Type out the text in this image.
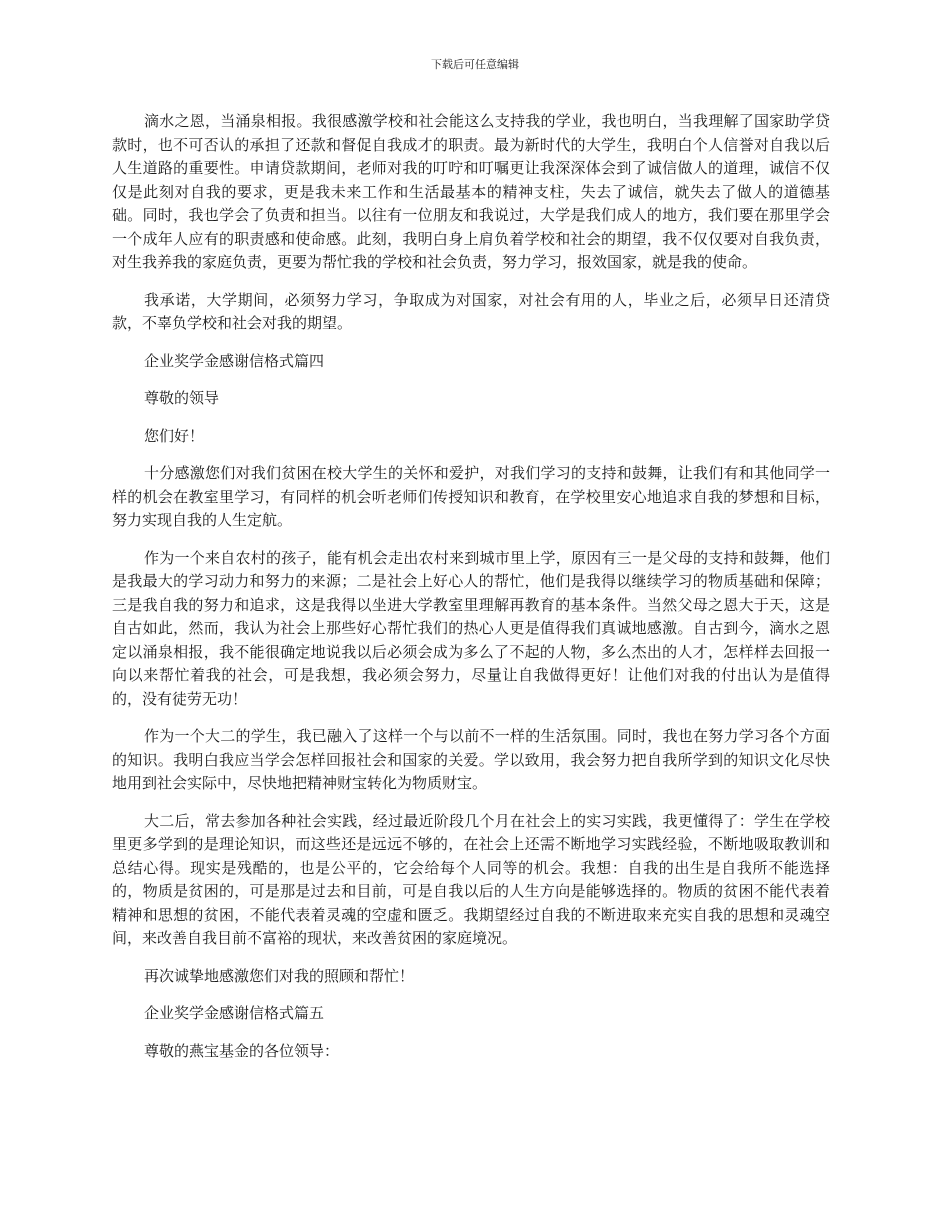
下载后可任意编辑

滴水之恩，当涌泉相报。我很感激学校和社会能这么支持我的学业，我也明白，当我理解了国家助学贷款时，也不可否认的承担了还款和督促自我成才的职责。最为新时代的大学生，我明白个人信誉对自我以后人生道路的重要性。申请贷款期间，老师对我的叮咛和叮嘱更让我深深体会到了诚信做人的道理，诚信不仅仅是此刻对自我的要求，更是我未来工作和生活最基本的精神支柱，失去了诚信，就失去了做人的道德基础。同时，我也学会了负责和担当。以往有一位朋友和我说过，大学是我们成人的地方，我们要在那里学会一个成年人应有的职责感和使命感。此刻，我明白身上肩负着学校和社会的期望，我不仅仅要对自我负责，对生我养我的家庭负责，更要为帮忙我的学校和社会负责，努力学习，报效国家，就是我的使命。

我承诺，大学期间，必须努力学习，争取成为对国家，对社会有用的人，毕业之后，必须早日还清贷款，不辜负学校和社会对我的期望。

企业奖学金感谢信格式篇四

尊敬的领导

您们好！

十分感激您们对我们贫困在校大学生的关怀和爱护，对我们学习的支持和鼓舞，让我们有和其他同学一样的机会在教室里学习，有同样的机会听老师们传授知识和教育，在学校里安心地追求自我的梦想和目标，努力实现自我的人生定航。

作为一个来自农村的孩子，能有机会走出农村来到城市里上学，原因有三一是父母的支持和鼓舞，他们是我最大的学习动力和努力的来源；二是社会上好心人的帮忙，他们是我得以继续学习的物质基础和保障；三是我自我的努力和追求，这是我得以坐进大学教室里理解再教育的基本条件。当然父母之恩大于天，这是自古如此，然而，我认为社会上那些好心帮忙我们的热心人更是值得我们真诚地感激。自古到今，滴水之恩定以涌泉相报，我不能很确定地说我以后必须会成为多么了不起的人物，多么杰出的人才，怎样样去回报一向以来帮忙着我的社会，可是我想，我必须会努力，尽量让自我做得更好！让他们对我的付出认为是值得的，没有徒劳无功！

作为一个大二的学生，我已融入了这样一个与以前不一样的生活氛围。同时，我也在努力学习各个方面的知识。我明白我应当学会怎样回报社会和国家的关爱。学以致用，我会努力把自我所学到的知识文化尽快地用到社会实际中，尽快地把精神财宝转化为物质财宝。

大二后，常去参加各种社会实践，经过最近阶段几个月在社会上的实习实践，我更懂得了：学生在学校里更多学到的是理论知识，而这些还是远远不够的，在社会上还需不断地学习实践经验，不断地吸取教训和总结心得。现实是残酷的，也是公平的，它会给每个人同等的机会。我想：自我的出生是自我所不能选择的，物质是贫困的，可是那是过去和目前，可是自我以后的人生方向是能够选择的。物质的贫困不能代表着精神和思想的贫困，不能代表着灵魂的空虚和匮乏。我期望经过自我的不断进取来充实自我的思想和灵魂空间，来改善自我目前不富裕的现状，来改善贫困的家庭境况。

再次诚挚地感激您们对我的照顾和帮忙！

企业奖学金感谢信格式篇五

尊敬的燕宝基金的各位领导：
